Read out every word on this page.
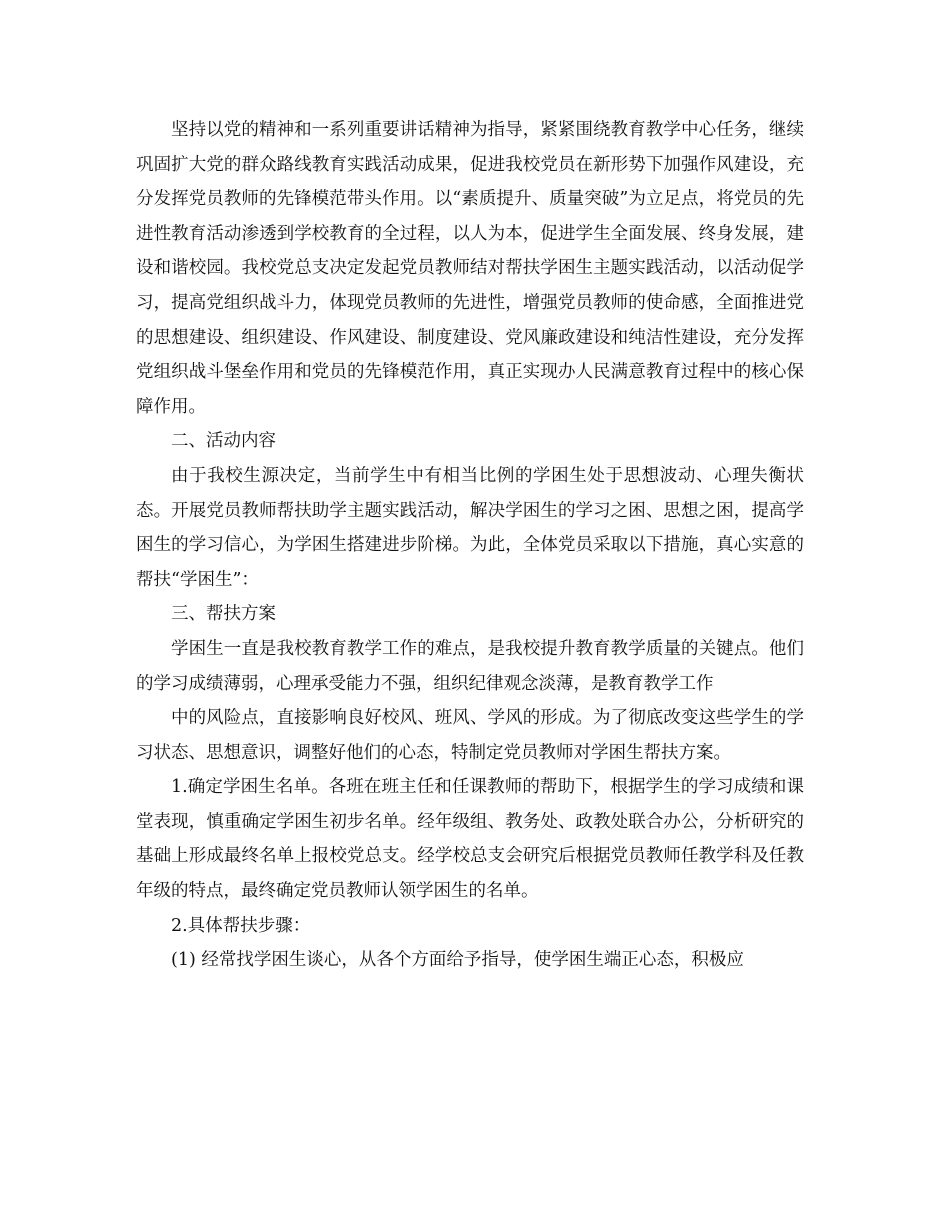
坚持以党的精神和一系列重要讲话精神为指导，紧紧围绕教育教学中心任务，继续巩固扩大党的群众路线教育实践活动成果，促进我校党员在新形势下加强作风建设，充分发挥党员教师的先锋模范带头作用。以“素质提升、质量突破”为立足点，将党员的先进性教育活动渗透到学校教育的全过程，以人为本，促进学生全面发展、终身发展，建设和谐校园。我校党总支决定发起党员教师结对帮扶学困生主题实践活动，以活动促学习，提高党组织战斗力，体现党员教师的先进性，增强党员教师的使命感，全面推进党的思想建设、组织建设、作风建设、制度建设、党风廉政建设和纯洁性建设，充分发挥党组织战斗堡垒作用和党员的先锋模范作用，真正实现办人民满意教育过程中的核心保障作用。

二、活动内容

由于我校生源决定，当前学生中有相当比例的学困生处于思想波动、心理失衡状态。开展党员教师帮扶助学主题实践活动，解决学困生的学习之困、思想之困，提高学困生的学习信心，为学困生搭建进步阶梯。为此，全体党员采取以下措施，真心实意的帮扶“学困生”：

三、帮扶方案

学困生一直是我校教育教学工作的难点，是我校提升教育教学质量的关键点。他们的学习成绩薄弱，心理承受能力不强，组织纪律观念淡薄，是教育教学工作

中的风险点，直接影响良好校风、班风、学风的形成。为了彻底改变这些学生的学习状态、思想意识，调整好他们的心态，特制定党员教师对学困生帮扶方案。

1.确定学困生名单。各班在班主任和任课教师的帮助下，根据学生的学习成绩和课堂表现，慎重确定学困生初步名单。经年级组、教务处、政教处联合办公，分析研究的基础上形成最终名单上报校党总支。经学校总支会研究后根据党员教师任教学科及任教年级的特点，最终确定党员教师认领学困生的名单。

2.具体帮扶步骤：

(1) 经常找学困生谈心，从各个方面给予指导，使学困生端正心态，积极应
